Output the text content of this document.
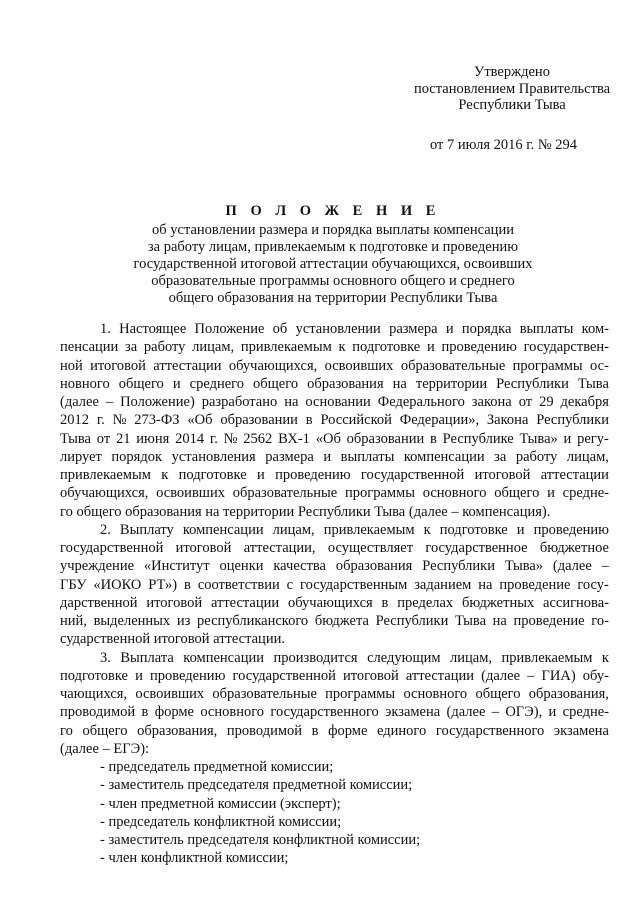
Утверждено
постановлением Правительства
Республики Тыва
от 7 июля 2016 г. № 294
П О Л О Ж Е Н И Е
об установлении размера и порядка выплаты компенсации
за работу лицам, привлекаемым к подготовке и проведению
государственной итоговой аттестации обучающихся, освоивших
образовательные программы основного общего и среднего
общего образования на территории Республики Тыва
1. Настоящее Положение об установлении размера и порядка выплаты ком-
пенсации за работу лицам, привлекаемым к подготовке и проведению государствен-
ной итоговой аттестации обучающихся, освоивших образовательные программы ос-
новного общего и среднего общего образования на территории Республики Тыва
(далее – Положение) разработано на основании Федерального закона от 29 декабря
2012 г. № 273-ФЗ «Об образовании в Российской Федерации», Закона Республики
Тыва от 21 июня 2014 г. № 2562 ВХ-1 «Об образовании в Республике Тыва» и регу-
лирует порядок установления размера и выплаты компенсации за работу лицам,
привлекаемым к подготовке и проведению государственной итоговой аттестации
обучающихся, освоивших образовательные программы основного общего и средне-
го общего образования на территории Республики Тыва (далее – компенсация).
2. Выплату компенсации лицам, привлекаемым к подготовке и проведению
государственной итоговой аттестации, осуществляет государственное бюджетное
учреждение «Институт оценки качества образования Республики Тыва» (далее –
ГБУ «ИОКО РТ») в соответствии с государственным заданием на проведение госу-
дарственной итоговой аттестации обучающихся в пределах бюджетных ассигнова-
ний, выделенных из республиканского бюджета Республики Тыва на проведение го-
сударственной итоговой аттестации.
3. Выплата компенсации производится следующим лицам, привлекаемым к
подготовке и проведению государственной итоговой аттестации (далее – ГИА) обу-
чающихся, освоивших образовательные программы основного общего образования,
проводимой в форме основного государственного экзамена (далее – ОГЭ), и средне-
го общего образования, проводимой в форме единого государственного экзамена
(далее – ЕГЭ):
- председатель предметной комиссии;
- заместитель председателя предметной комиссии;
- член предметной комиссии (эксперт);
- председатель конфликтной комиссии;
- заместитель председателя конфликтной комиссии;
- член конфликтной комиссии;
